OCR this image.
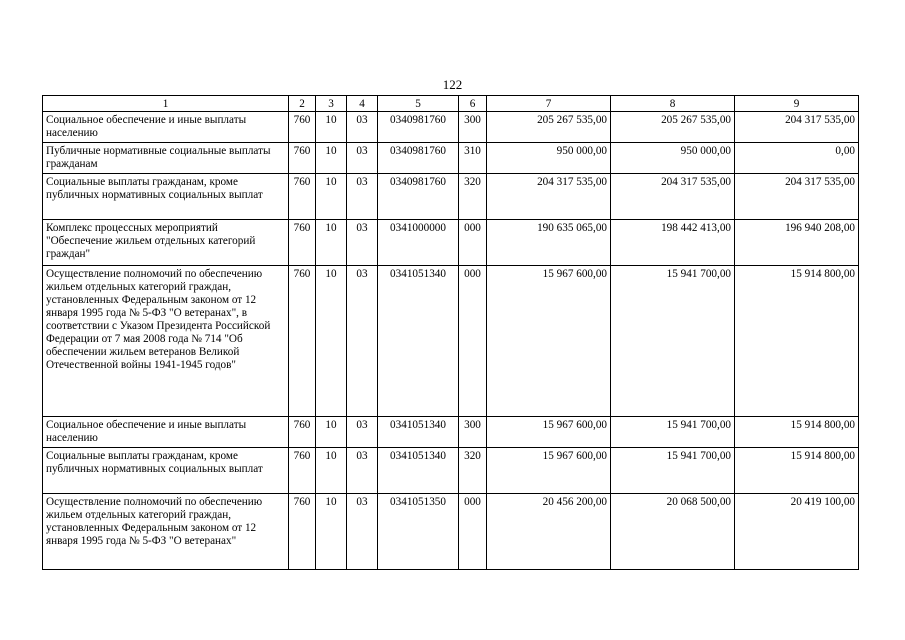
122
1	2	3	4	5	6	7	8	9
Социальное обеспечение и иные выплаты населению	760	10	03	0340981760	300	205 267 535,00	205 267 535,00	204 317 535,00
Публичные нормативные социальные выплаты гражданам	760	10	03	0340981760	310	950 000,00	950 000,00	0,00
Социальные выплаты гражданам, кроме публичных нормативных социальных выплат	760	10	03	0340981760	320	204 317 535,00	204 317 535,00	204 317 535,00
Комплекс процессных мероприятий "Обеспечение жильем отдельных категорий граждан"	760	10	03	0341000000	000	190 635 065,00	198 442 413,00	196 940 208,00
Осуществление полномочий по обеспечению жильем отдельных категорий граждан, установленных Федеральным законом от 12 января 1995 года № 5-ФЗ "О ветеранах", в соответствии с Указом Президента Российской Федерации от 7 мая 2008 года № 714 "Об обеспечении жильем ветеранов Великой Отечественной войны 1941-1945 годов"	760	10	03	0341051340	000	15 967 600,00	15 941 700,00	15 914 800,00
Социальное обеспечение и иные выплаты населению	760	10	03	0341051340	300	15 967 600,00	15 941 700,00	15 914 800,00
Социальные выплаты гражданам, кроме публичных нормативных социальных выплат	760	10	03	0341051340	320	15 967 600,00	15 941 700,00	15 914 800,00
Осуществление полномочий по обеспечению жильем отдельных категорий граждан, установленных Федеральным законом от 12 января 1995 года № 5-ФЗ "О ветеранах"	760	10	03	0341051350	000	20 456 200,00	20 068 500,00	20 419 100,00
